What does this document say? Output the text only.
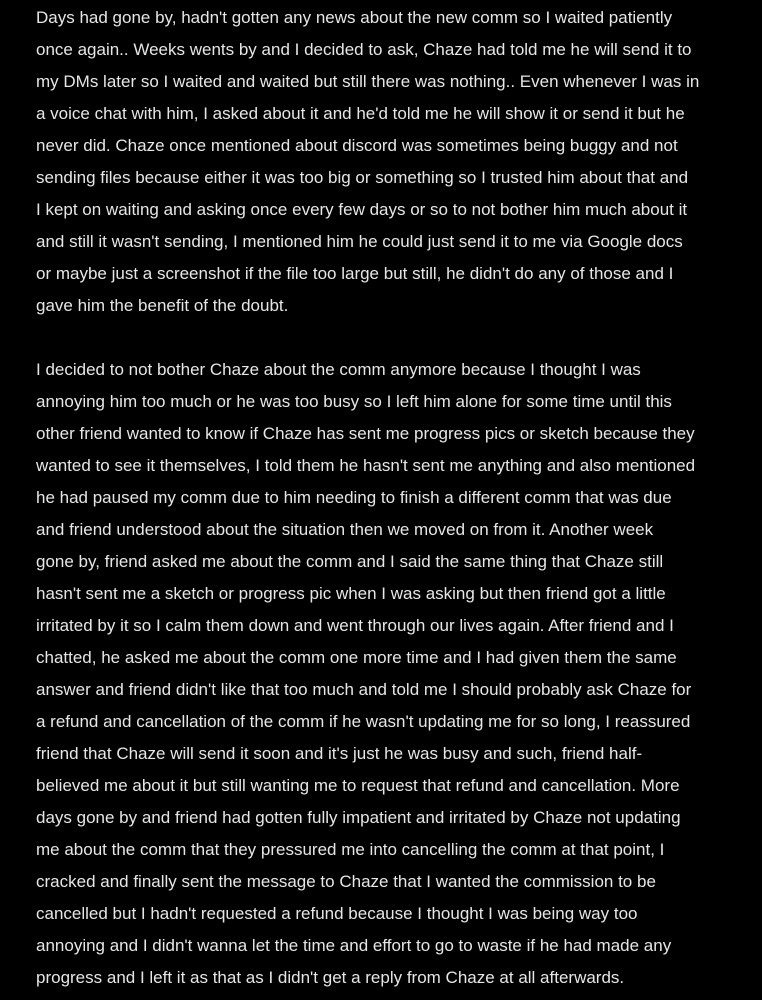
Days had gone by, hadn't gotten any news about the new comm so I waited patiently
once again.. Weeks wents by and I decided to ask, Chaze had told me he will send it to
my DMs later so I waited and waited but still there was nothing.. Even whenever I was in
a voice chat with him, I asked about it and he'd told me he will show it or send it but he
never did. Chaze once mentioned about discord was sometimes being buggy and not
sending files because either it was too big or something so I trusted him about that and
I kept on waiting and asking once every few days or so to not bother him much about it
and still it wasn't sending, I mentioned him he could just send it to me via Google docs
or maybe just a screenshot if the file too large but still, he didn't do any of those and I
gave him the benefit of the doubt.

I decided to not bother Chaze about the comm anymore because I thought I was
annoying him too much or he was too busy so I left him alone for some time until this
other friend wanted to know if Chaze has sent me progress pics or sketch because they
wanted to see it themselves, I told them he hasn't sent me anything and also mentioned
he had paused my comm due to him needing to finish a different comm that was due
and friend understood about the situation then we moved on from it. Another week
gone by, friend asked me about the comm and I said the same thing that Chaze still
hasn't sent me a sketch or progress pic when I was asking but then friend got a little
irritated by it so I calm them down and went through our lives again. After friend and I
chatted, he asked me about the comm one more time and I had given them the same
answer and friend didn't like that too much and told me I should probably ask Chaze for
a refund and cancellation of the comm if he wasn't updating me for so long, I reassured
friend that Chaze will send it soon and it's just he was busy and such, friend half-
believed me about it but still wanting me to request that refund and cancellation. More
days gone by and friend had gotten fully impatient and irritated by Chaze not updating
me about the comm that they pressured me into cancelling the comm at that point, I
cracked and finally sent the message to Chaze that I wanted the commission to be
cancelled but I hadn't requested a refund because I thought I was being way too
annoying and I didn't wanna let the time and effort to go to waste if he had made any
progress and I left it as that as I didn't get a reply from Chaze at all afterwards.
